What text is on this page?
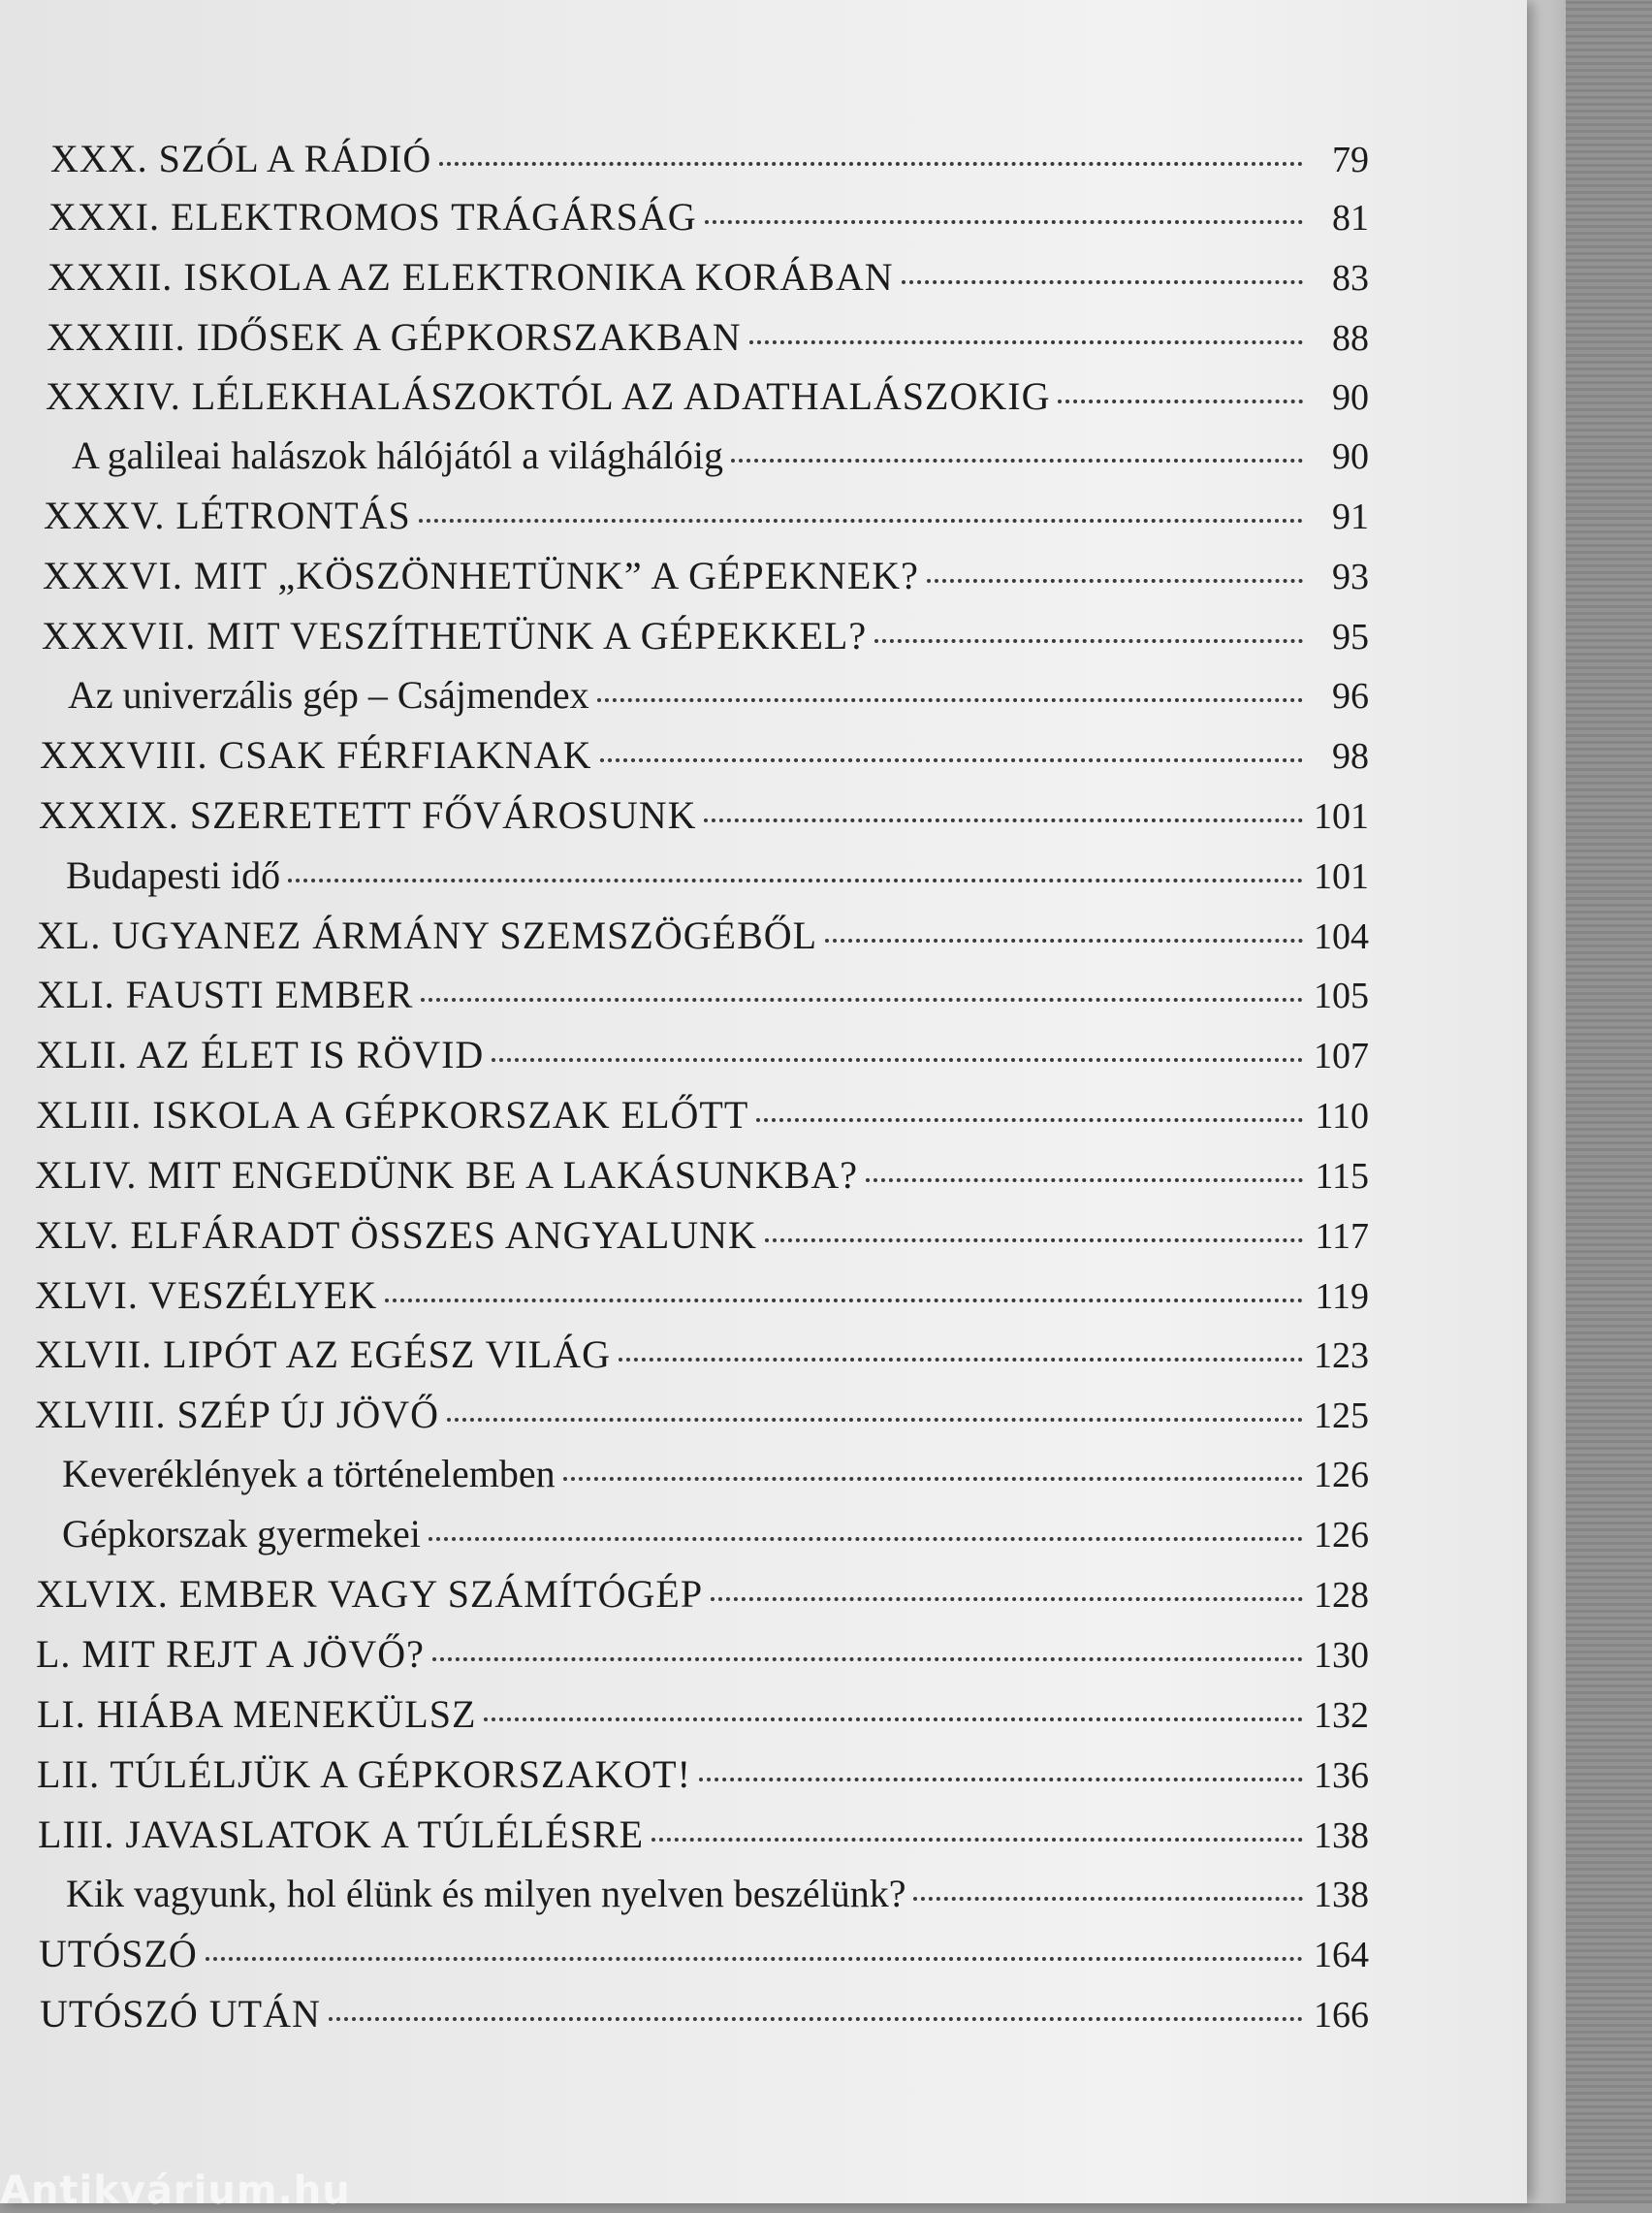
XXX. SZÓL A RÁDIÓ	79
XXXI. ELEKTROMOS TRÁGÁRSÁG	81
XXXII. ISKOLA AZ ELEKTRONIKA KORÁBAN	83
XXXIII. IDŐSEK A GÉPKORSZAKBAN	88
XXXIV. LÉLEKHALÁSZOKTÓL AZ ADATHALÁSZOKIG	90
A galileai halászok hálójától a világhálóig	90
XXXV. LÉTRONTÁS	91
XXXVI. MIT „KÖSZÖNHETÜNK” A GÉPEKNEK?	93
XXXVII. MIT VESZÍTHETÜNK A GÉPEKKEL?	95
Az univerzális gép – Csájmendex	96
XXXVIII. CSAK FÉRFIAKNAK	98
XXXIX. SZERETETT FŐVÁROSUNK	101
Budapesti idő	101
XL. UGYANEZ ÁRMÁNY SZEMSZÖGÉBŐL	104
XLI. FAUSTI EMBER	105
XLII. AZ ÉLET IS RÖVID	107
XLIII. ISKOLA A GÉPKORSZAK ELŐTT	110
XLIV. MIT ENGEDÜNK BE A LAKÁSUNKBA?	115
XLV. ELFÁRADT ÖSSZES ANGYALUNK	117
XLVI. VESZÉLYEK	119
XLVII. LIPÓT AZ EGÉSZ VILÁG	123
XLVIII. SZÉP ÚJ JÖVŐ	125
Keveréklények a történelemben	126
Gépkorszak gyermekei	126
XLVIX. EMBER VAGY SZÁMÍTÓGÉP	128
L. MIT REJT A JÖVŐ?	130
LI. HIÁBA MENEKÜLSZ	132
LII. TÚLÉLJÜK A GÉPKORSZAKOT!	136
LIII. JAVASLATOK A TÚLÉLÉSRE	138
Kik vagyunk, hol élünk és milyen nyelven beszélünk?	138
UTÓSZÓ	164
UTÓSZÓ UTÁN	166
Antikvárium.hu
